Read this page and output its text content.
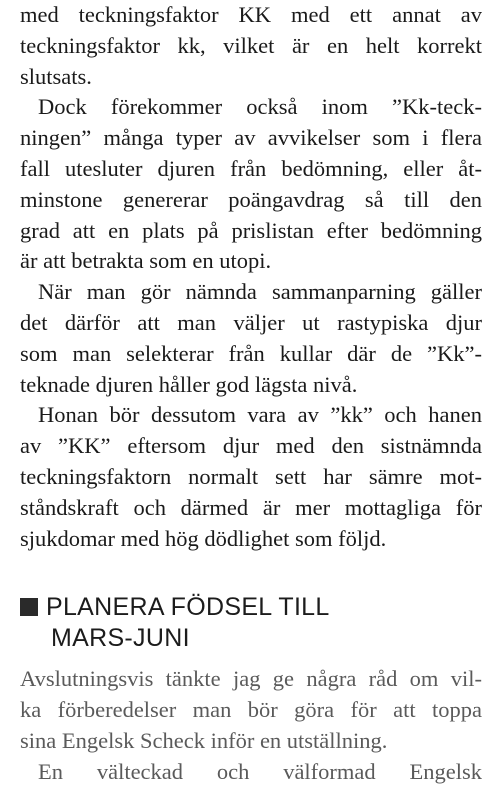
med teckningsfaktor KK med ett annat av
teckningsfaktor kk, vilket är en helt korrekt
slutsats.
Dock förekommer också inom ”Kk-teck-
ningen” många typer av avvikelser som i flera
fall utesluter djuren från bedömning, eller åt-
minstone genererar poängavdrag så till den
grad att en plats på prislistan efter bedömning
är att betrakta som en utopi.
När man gör nämnda sammanparning gäller
det därför att man väljer ut rastypiska djur
som man selekterar från kullar där de ”Kk”-
teknade djuren håller god lägsta nivå.
Honan bör dessutom vara av ”kk” och hanen
av ”KK” eftersom djur med den sistnämnda
teckningsfaktorn normalt sett har sämre mot-
ståndskraft och därmed är mer mottagliga för
sjukdomar med hög dödlighet som följd.
PLANERA FÖDSEL TILL
MARS-JUNI
Avslutningsvis tänkte jag ge några råd om vil-
ka förberedelser man bör göra för att toppa
sina Engelsk Scheck inför en utställning.
En välteckad och välformad Engelsk
